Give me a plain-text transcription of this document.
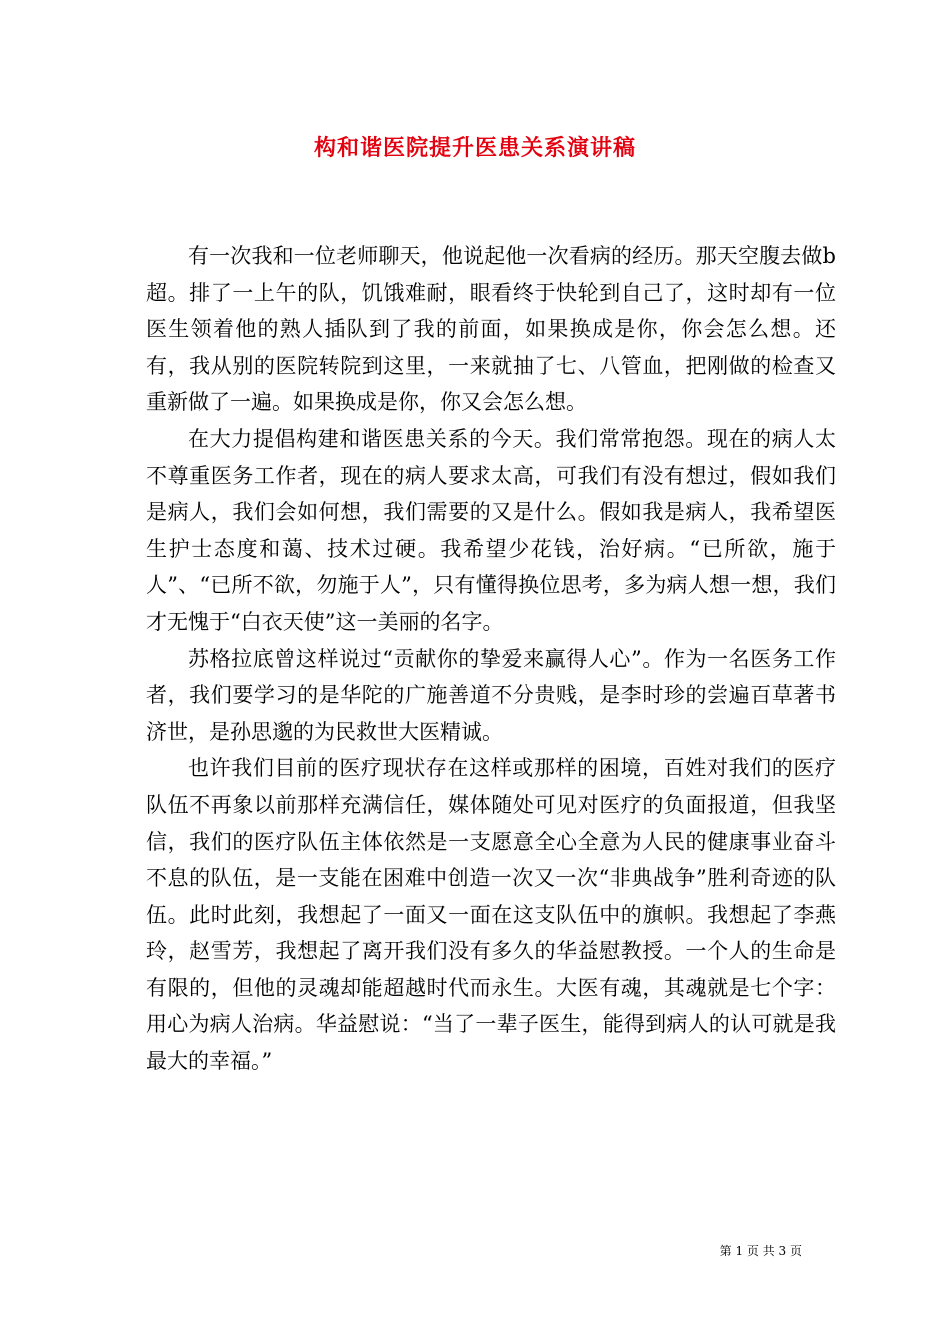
构和谐医院提升医患关系演讲稿

有一次我和一位老师聊天，他说起他一次看病的经历。那天空腹去做b超。排了一上午的队，饥饿难耐，眼看终于快轮到自己了，这时却有一位医生领着他的熟人插队到了我的前面，如果换成是你，你会怎么想。还有，我从别的医院转院到这里，一来就抽了七、八管血，把刚做的检查又重新做了一遍。如果换成是你，你又会怎么想。

在大力提倡构建和谐医患关系的今天。我们常常抱怨。现在的病人太不尊重医务工作者，现在的病人要求太高，可我们有没有想过，假如我们是病人，我们会如何想，我们需要的又是什么。假如我是病人，我希望医生护士态度和蔼、技术过硬。我希望少花钱，治好病。“已所欲，施于人”、“已所不欲，勿施于人”，只有懂得换位思考，多为病人想一想，我们才无愧于“白衣天使”这一美丽的名字。

苏格拉底曾这样说过“贡献你的挚爱来赢得人心”。作为一名医务工作者，我们要学习的是华陀的广施善道不分贵贱，是李时珍的尝遍百草著书济世，是孙思邈的为民救世大医精诚。

也许我们目前的医疗现状存在这样或那样的困境，百姓对我们的医疗队伍不再象以前那样充满信任，媒体随处可见对医疗的负面报道，但我坚信，我们的医疗队伍主体依然是一支愿意全心全意为人民的健康事业奋斗不息的队伍，是一支能在困难中创造一次又一次“非典战争”胜利奇迹的队伍。此时此刻，我想起了一面又一面在这支队伍中的旗帜。我想起了李燕玲，赵雪芳，我想起了离开我们没有多久的华益慰教授。一个人的生命是有限的，但他的灵魂却能超越时代而永生。大医有魂，其魂就是七个字：用心为病人治病。华益慰说：“当了一辈子医生，能得到病人的认可就是我最大的幸福。”

第 1 页 共 3 页
